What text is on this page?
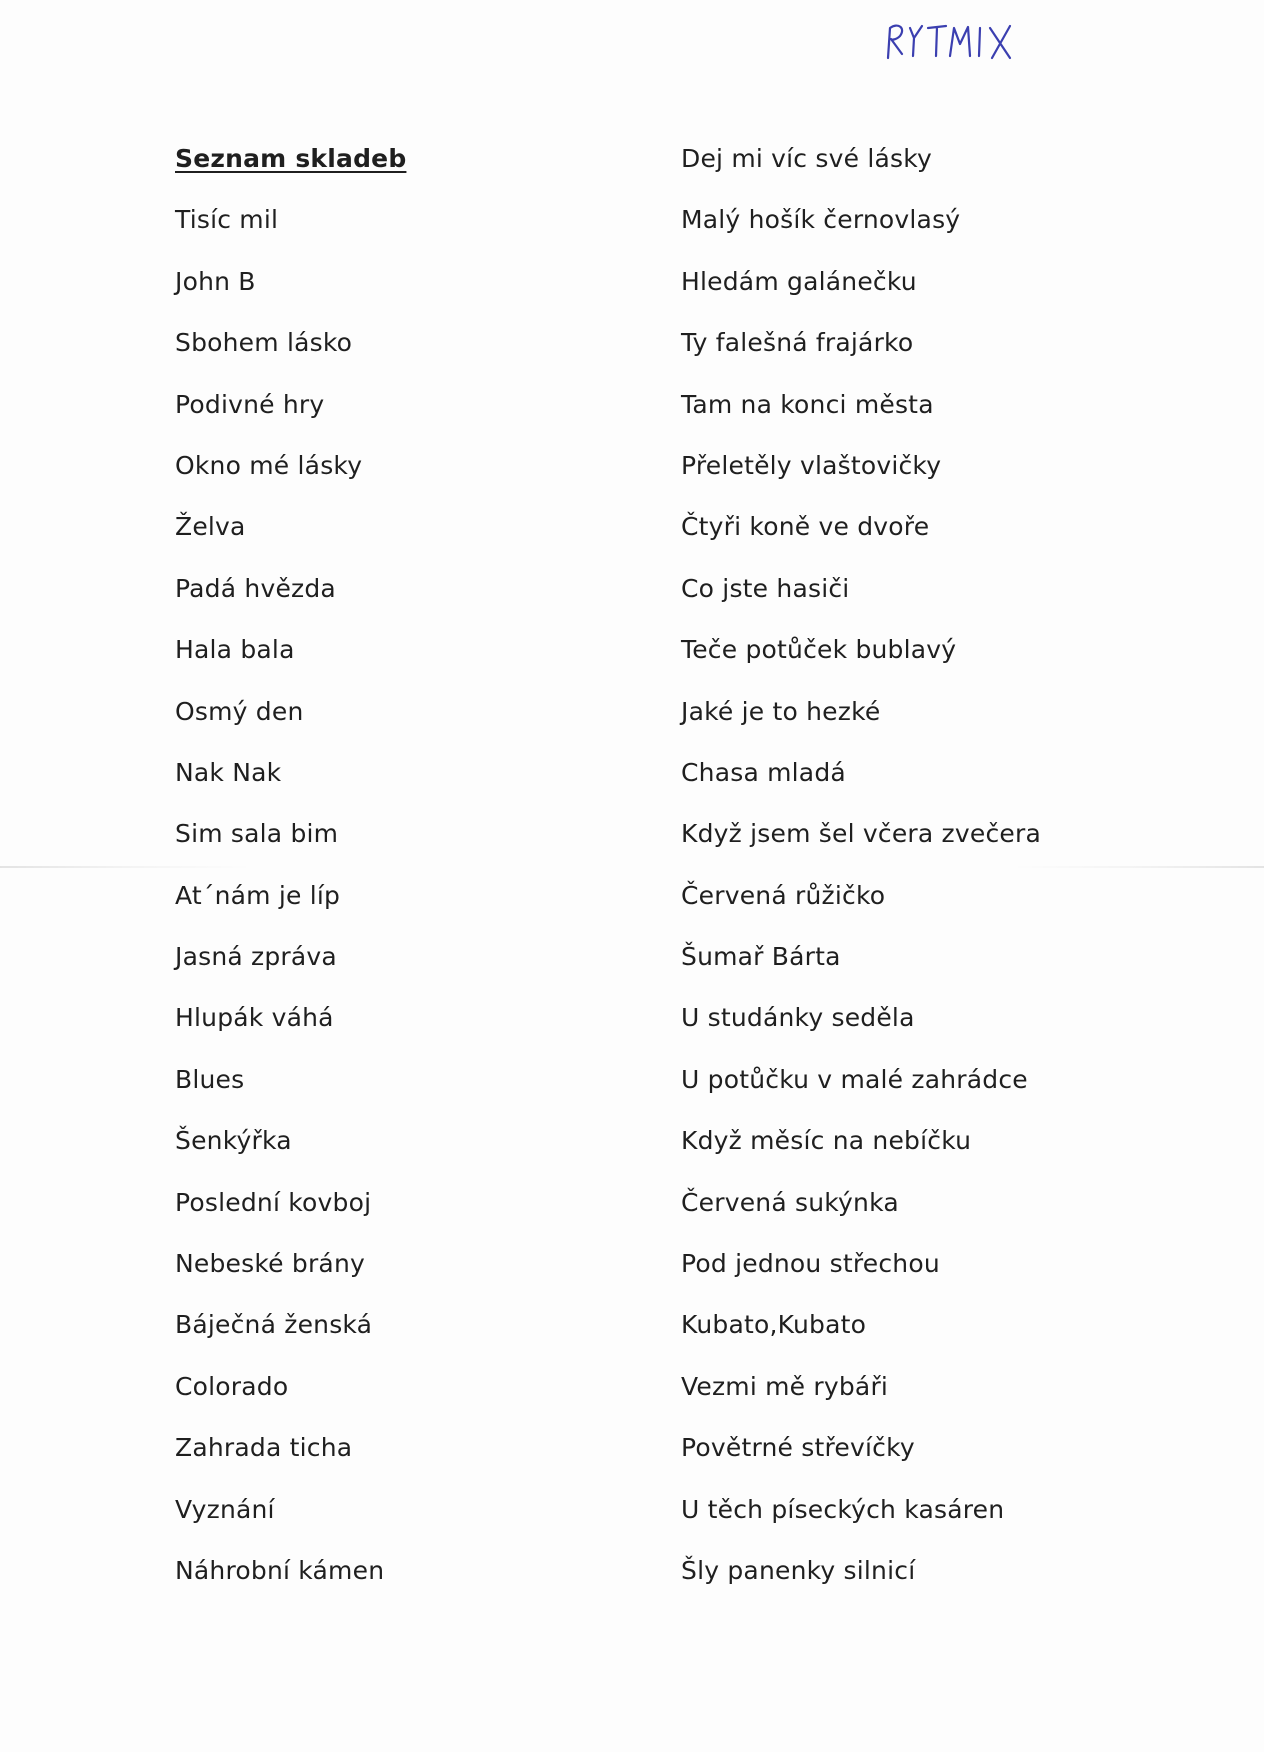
Seznam skladeb
Tisíc mil
John B
Sbohem lásko
Podivné hry
Okno mé lásky
Želva
Padá hvězda
Hala bala
Osmý den
Nak Nak
Sim sala bim
At´nám je líp
Jasná zpráva
Hlupák váhá
Blues
Šenkýřka
Poslední kovboj
Nebeské brány
Báječná ženská
Colorado
Zahrada ticha
Vyznání
Náhrobní kámen
Dej mi víc své lásky
Malý hošík černovlasý
Hledám galánečku
Ty falešná frajárko
Tam na konci města
Přeletěly vlaštovičky
Čtyři koně ve dvoře
Co jste hasiči
Teče potůček bublavý
Jaké je to hezké
Chasa mladá
Když jsem šel včera zvečera
Červená růžičko
Šumař Bárta
U studánky seděla
U potůčku v malé zahrádce
Když měsíc na nebíčku
Červená sukýnka
Pod jednou střechou
Kubato,Kubato
Vezmi mě rybáři
Povětrné střevíčky
U těch píseckých kasáren
Šly panenky silnicí
